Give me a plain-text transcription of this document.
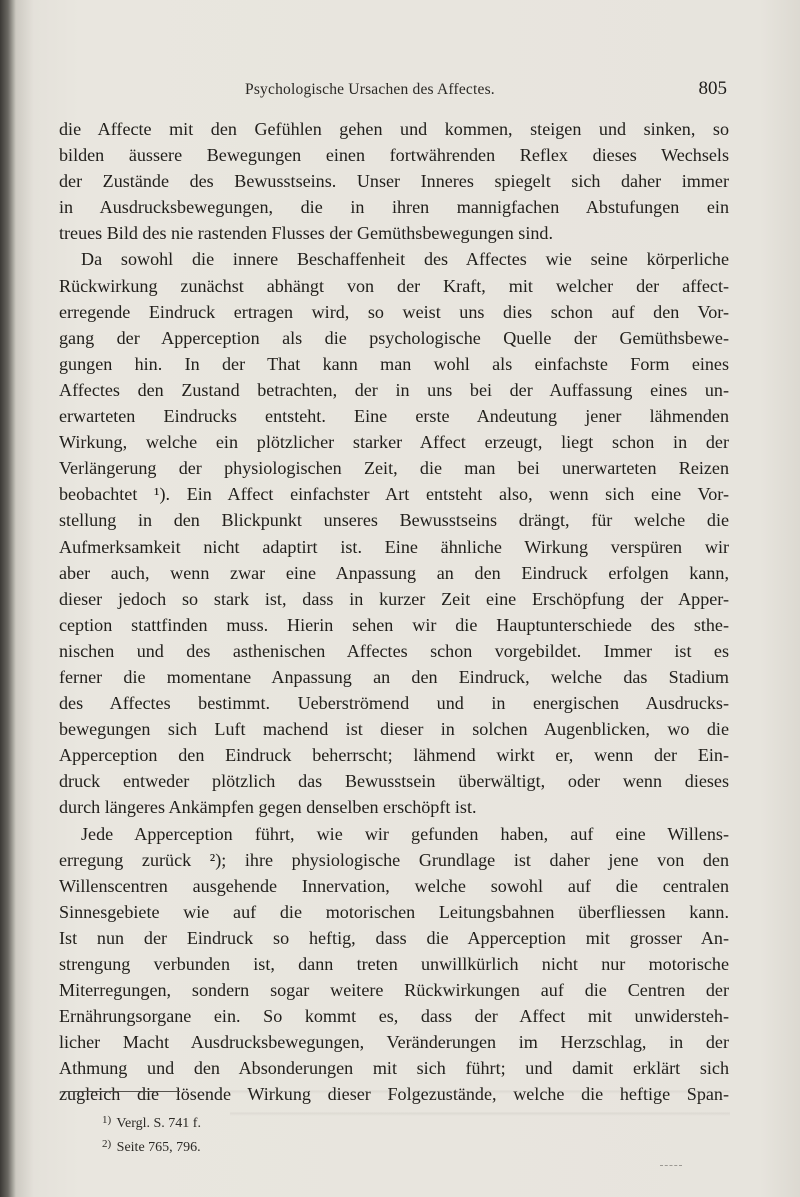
Psychologische Ursachen des Affectes.	805
die Affecte mit den Gefühlen gehen und kommen, steigen und sinken, so
bilden äussere Bewegungen einen fortwährenden Reflex dieses Wechsels
der Zustände des Bewusstseins. Unser Inneres spiegelt sich daher immer
in Ausdrucksbewegungen, die in ihren mannigfachen Abstufungen ein
treues Bild des nie rastenden Flusses der Gemüthsbewegungen sind.
Da sowohl die innere Beschaffenheit des Affectes wie seine körperliche
Rückwirkung zunächst abhängt von der Kraft, mit welcher der affect-
erregende Eindruck ertragen wird, so weist uns dies schon auf den Vor-
gang der Apperception als die psychologische Quelle der Gemüthsbewe-
gungen hin. In der That kann man wohl als einfachste Form eines
Affectes den Zustand betrachten, der in uns bei der Auffassung eines un-
erwarteten Eindrucks entsteht. Eine erste Andeutung jener lähmenden
Wirkung, welche ein plötzlicher starker Affect erzeugt, liegt schon in der
Verlängerung der physiologischen Zeit, die man bei unerwarteten Reizen
beobachtet ¹). Ein Affect einfachster Art entsteht also, wenn sich eine Vor-
stellung in den Blickpunkt unseres Bewusstseins drängt, für welche die
Aufmerksamkeit nicht adaptirt ist. Eine ähnliche Wirkung verspüren wir
aber auch, wenn zwar eine Anpassung an den Eindruck erfolgen kann,
dieser jedoch so stark ist, dass in kurzer Zeit eine Erschöpfung der Apper-
ception stattfinden muss. Hierin sehen wir die Hauptunterschiede des sthe-
nischen und des asthenischen Affectes schon vorgebildet. Immer ist es
ferner die momentane Anpassung an den Eindruck, welche das Stadium
des Affectes bestimmt. Ueberströmend und in energischen Ausdrucks-
bewegungen sich Luft machend ist dieser in solchen Augenblicken, wo die
Apperception den Eindruck beherrscht; lähmend wirkt er, wenn der Ein-
druck entweder plötzlich das Bewusstsein überwältigt, oder wenn dieses
durch längeres Ankämpfen gegen denselben erschöpft ist.
Jede Apperception führt, wie wir gefunden haben, auf eine Willens-
erregung zurück ²); ihre physiologische Grundlage ist daher jene von den
Willenscentren ausgehende Innervation, welche sowohl auf die centralen
Sinnesgebiete wie auf die motorischen Leitungsbahnen überfliessen kann.
Ist nun der Eindruck so heftig, dass die Apperception mit grosser An-
strengung verbunden ist, dann treten unwillkürlich nicht nur motorische
Miterregungen, sondern sogar weitere Rückwirkungen auf die Centren der
Ernährungsorgane ein. So kommt es, dass der Affect mit unwidersteh-
licher Macht Ausdrucksbewegungen, Veränderungen im Herzschlag, in der
Athmung und den Absonderungen mit sich führt; und damit erklärt sich
zugleich die lösende Wirkung dieser Folgezustände, welche die heftige Span-
$^{1)}$ Vergl. S. 741 f.
$^{2)}$ Seite 765, 796.
